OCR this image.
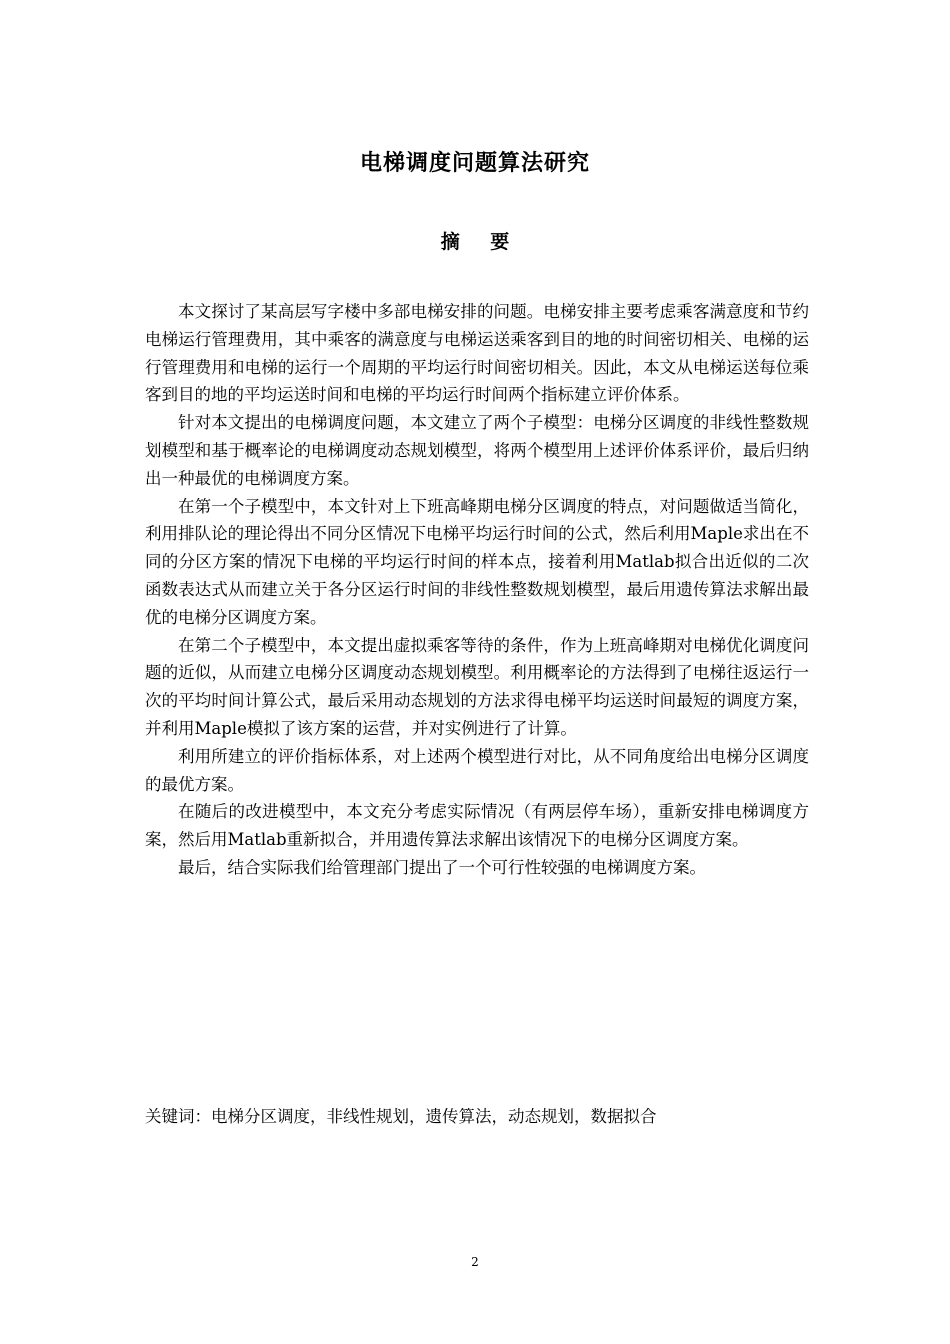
电梯调度问题算法研究
摘 要

本文探讨了某高层写字楼中多部电梯安排的问题。电梯安排主要考虑乘客满意度和节约电梯运行管理费用，其中乘客的满意度与电梯运送乘客到目的地的时间密切相关、电梯的运行管理费用和电梯的运行一个周期的平均运行时间密切相关。因此，本文从电梯运送每位乘客到目的地的平均运送时间和电梯的平均运行时间两个指标建立评价体系。

针对本文提出的电梯调度问题，本文建立了两个子模型：电梯分区调度的非线性整数规划模型和基于概率论的电梯调度动态规划模型，将两个模型用上述评价体系评价，最后归纳出一种最优的电梯调度方案。

在第一个子模型中，本文针对上下班高峰期电梯分区调度的特点，对问题做适当简化，利用排队论的理论得出不同分区情况下电梯平均运行时间的公式，然后利用Maple求出在不同的分区方案的情况下电梯的平均运行时间的样本点，接着利用Matlab拟合出近似的二次函数表达式从而建立关于各分区运行时间的非线性整数规划模型，最后用遗传算法求解出最优的电梯分区调度方案。

在第二个子模型中，本文提出虚拟乘客等待的条件，作为上班高峰期对电梯优化调度问题的近似，从而建立电梯分区调度动态规划模型。利用概率论的方法得到了电梯往返运行一次的平均时间计算公式，最后采用动态规划的方法求得电梯平均运送时间最短的调度方案，并利用Maple模拟了该方案的运营，并对实例进行了计算。

利用所建立的评价指标体系，对上述两个模型进行对比，从不同角度给出电梯分区调度的最优方案。

在随后的改进模型中，本文充分考虑实际情况（有两层停车场），重新安排电梯调度方案，然后用Matlab重新拟合，并用遗传算法求解出该情况下的电梯分区调度方案。

最后，结合实际我们给管理部门提出了一个可行性较强的电梯调度方案。

关键词：电梯分区调度，非线性规划，遗传算法，动态规划，数据拟合
2
